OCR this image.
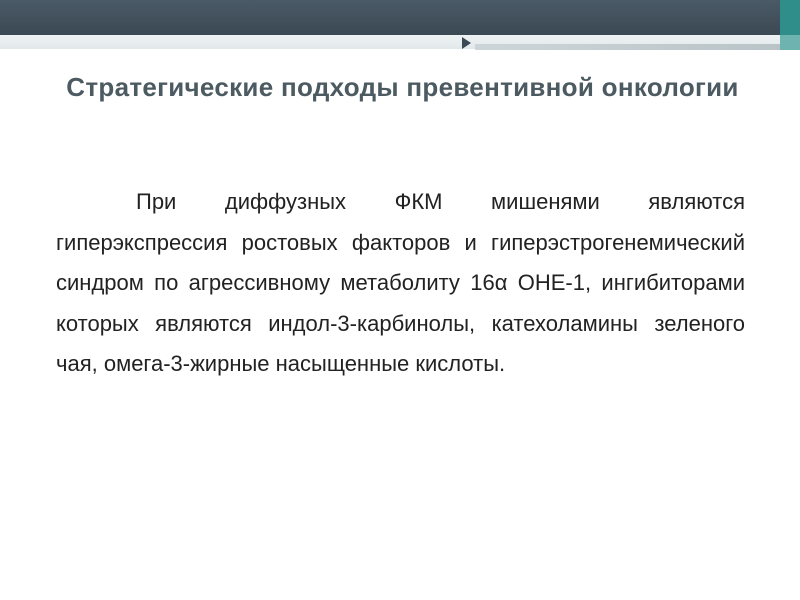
Стратегические подходы превентивной онкологии

При диффузных ФКМ мишенями являются гиперэкспрессия ростовых факторов и гиперэстрогенемический синдром по агрессивному метаболиту 16α OHE-1, ингибиторами которых являются индол-3-карбинолы, катехоламины зеленого чая, омега-3-жирные насыщенные кислоты.
